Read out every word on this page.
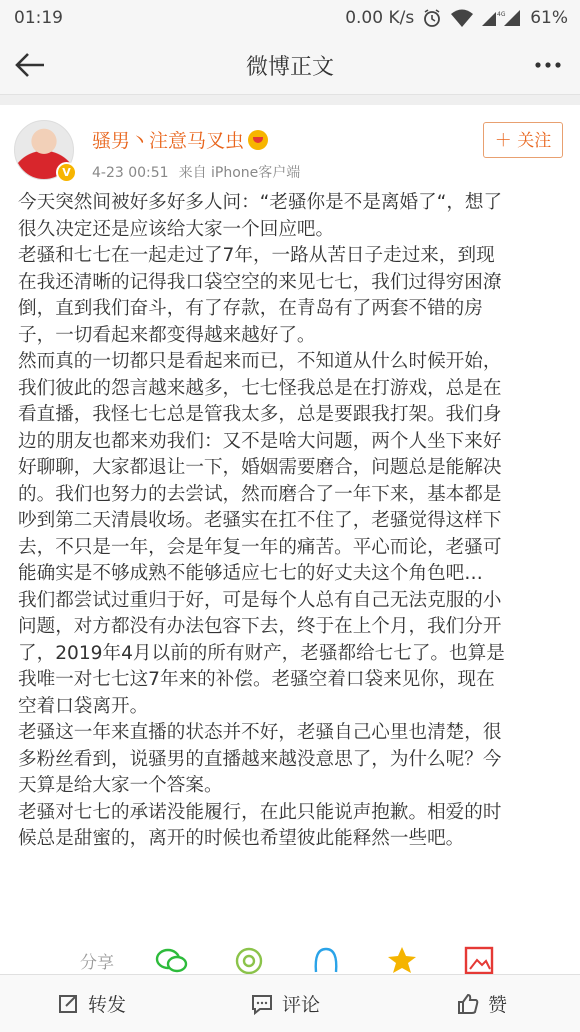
01:19	0.00 K/s	4G 61%
微博正文
V
骚男丶注意马叉虫
4-23 00:51 来自 iPhone客户端
＋ 关注

今天突然间被好多好多人问：“老骚你是不是离婚了“，想了

很久决定还是应该给大家一个回应吧。

老骚和七七在一起走过了7年，一路从苦日子走过来，到现

在我还清晰的记得我口袋空空的来见七七，我们过得穷困潦

倒，直到我们奋斗，有了存款，在青岛有了两套不错的房

子，一切看起来都变得越来越好了。

然而真的一切都只是看起来而已，不知道从什么时候开始，

我们彼此的怨言越来越多，七七怪我总是在打游戏，总是在

看直播，我怪七七总是管我太多，总是要跟我打架。我们身

边的朋友也都来劝我们：又不是啥大问题，两个人坐下来好

好聊聊，大家都退让一下，婚姻需要磨合，问题总是能解决

的。我们也努力的去尝试，然而磨合了一年下来，基本都是

吵到第二天清晨收场。老骚实在扛不住了，老骚觉得这样下

去，不只是一年，会是年复一年的痛苦。平心而论，老骚可

能确实是不够成熟不能够适应七七的好丈夫这个角色吧…

我们都尝试过重归于好，可是每个人总有自己无法克服的小

问题，对方都没有办法包容下去，终于在上个月，我们分开

了，2019年4月以前的所有财产，老骚都给七七了。也算是

我唯一对七七这7年来的补偿。老骚空着口袋来见你，现在

空着口袋离开。

老骚这一年来直播的状态并不好，老骚自己心里也清楚，很

多粉丝看到，说骚男的直播越来越没意思了，为什么呢？今

天算是给大家一个答案。

老骚对七七的承诺没能履行，在此只能说声抱歉。相爱的时

候总是甜蜜的，离开的时候也希望彼此能释然一些吧。

分享
转发	评论	赞
